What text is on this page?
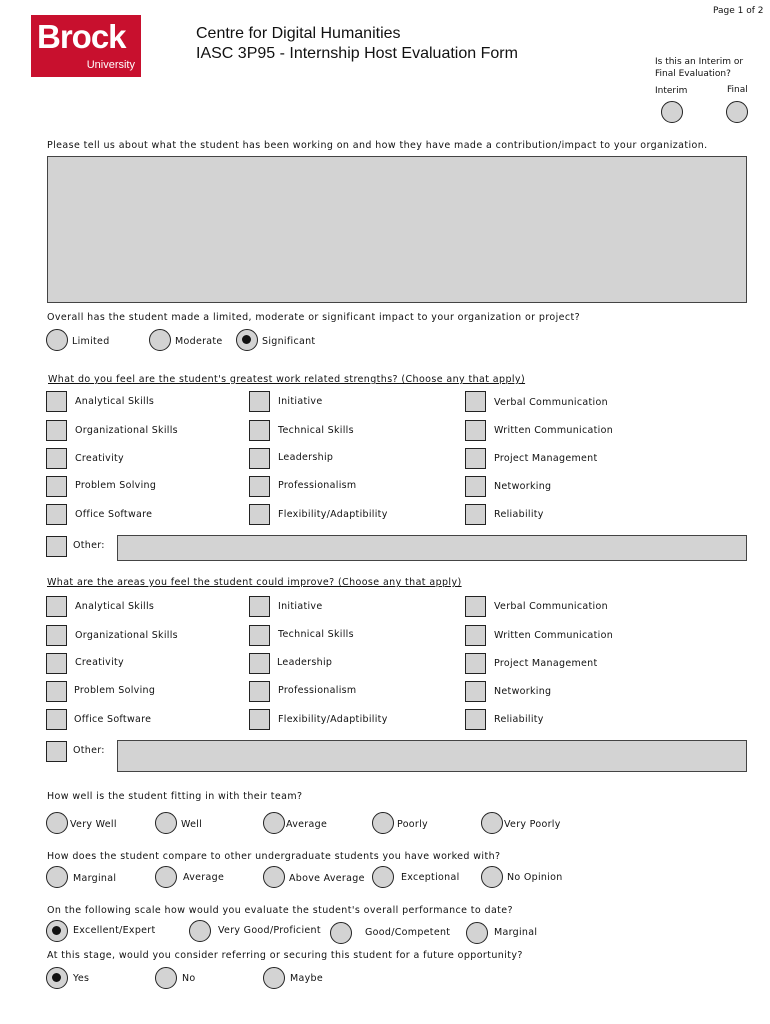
Page 1 of 2
Brock
University
Centre for Digital Humanities
IASC 3P95 - Internship Host Evaluation Form	Is this an Interim or
Final Evaluation?
Interim	Final
Please tell us about what the student has been working on and how they have made a contribution/impact to your organization.
Overall has the student made a limited, moderate or significant impact to your organization or project?
Limited	Moderate	Significant
What do you feel are the student's greatest work related strengths? (Choose any that apply)
Analytical Skills	Initiative	Verbal Communication
Organizational Skills	Technical Skills	Written Communication
Creativity	Leadership	Project Management
Problem Solving	Professionalism	Networking
Office Software	Flexibility/Adaptibility	Reliability
Other:
What are the areas you feel the student could improve? (Choose any that apply)
Analytical Skills	Initiative	Verbal Communication
Organizational Skills	Technical Skills	Written Communication
Creativity	Leadership	Project Management
Problem Solving	Professionalism	Networking
Office Software	Flexibility/Adaptibility	Reliability
Other:
How well is the student fitting in with their team?
Very Well	Well	Average	Poorly	Very Poorly
How does the student compare to other undergraduate students you have worked with?
Marginal	Average	Above Average	Exceptional	No Opinion
On the following scale how would you evaluate the student's overall performance to date?
Excellent/Expert	Very Good/Proficient	Good/Competent	Marginal
At this stage, would you consider referring or securing this student for a future opportunity?
Yes	No	Maybe
